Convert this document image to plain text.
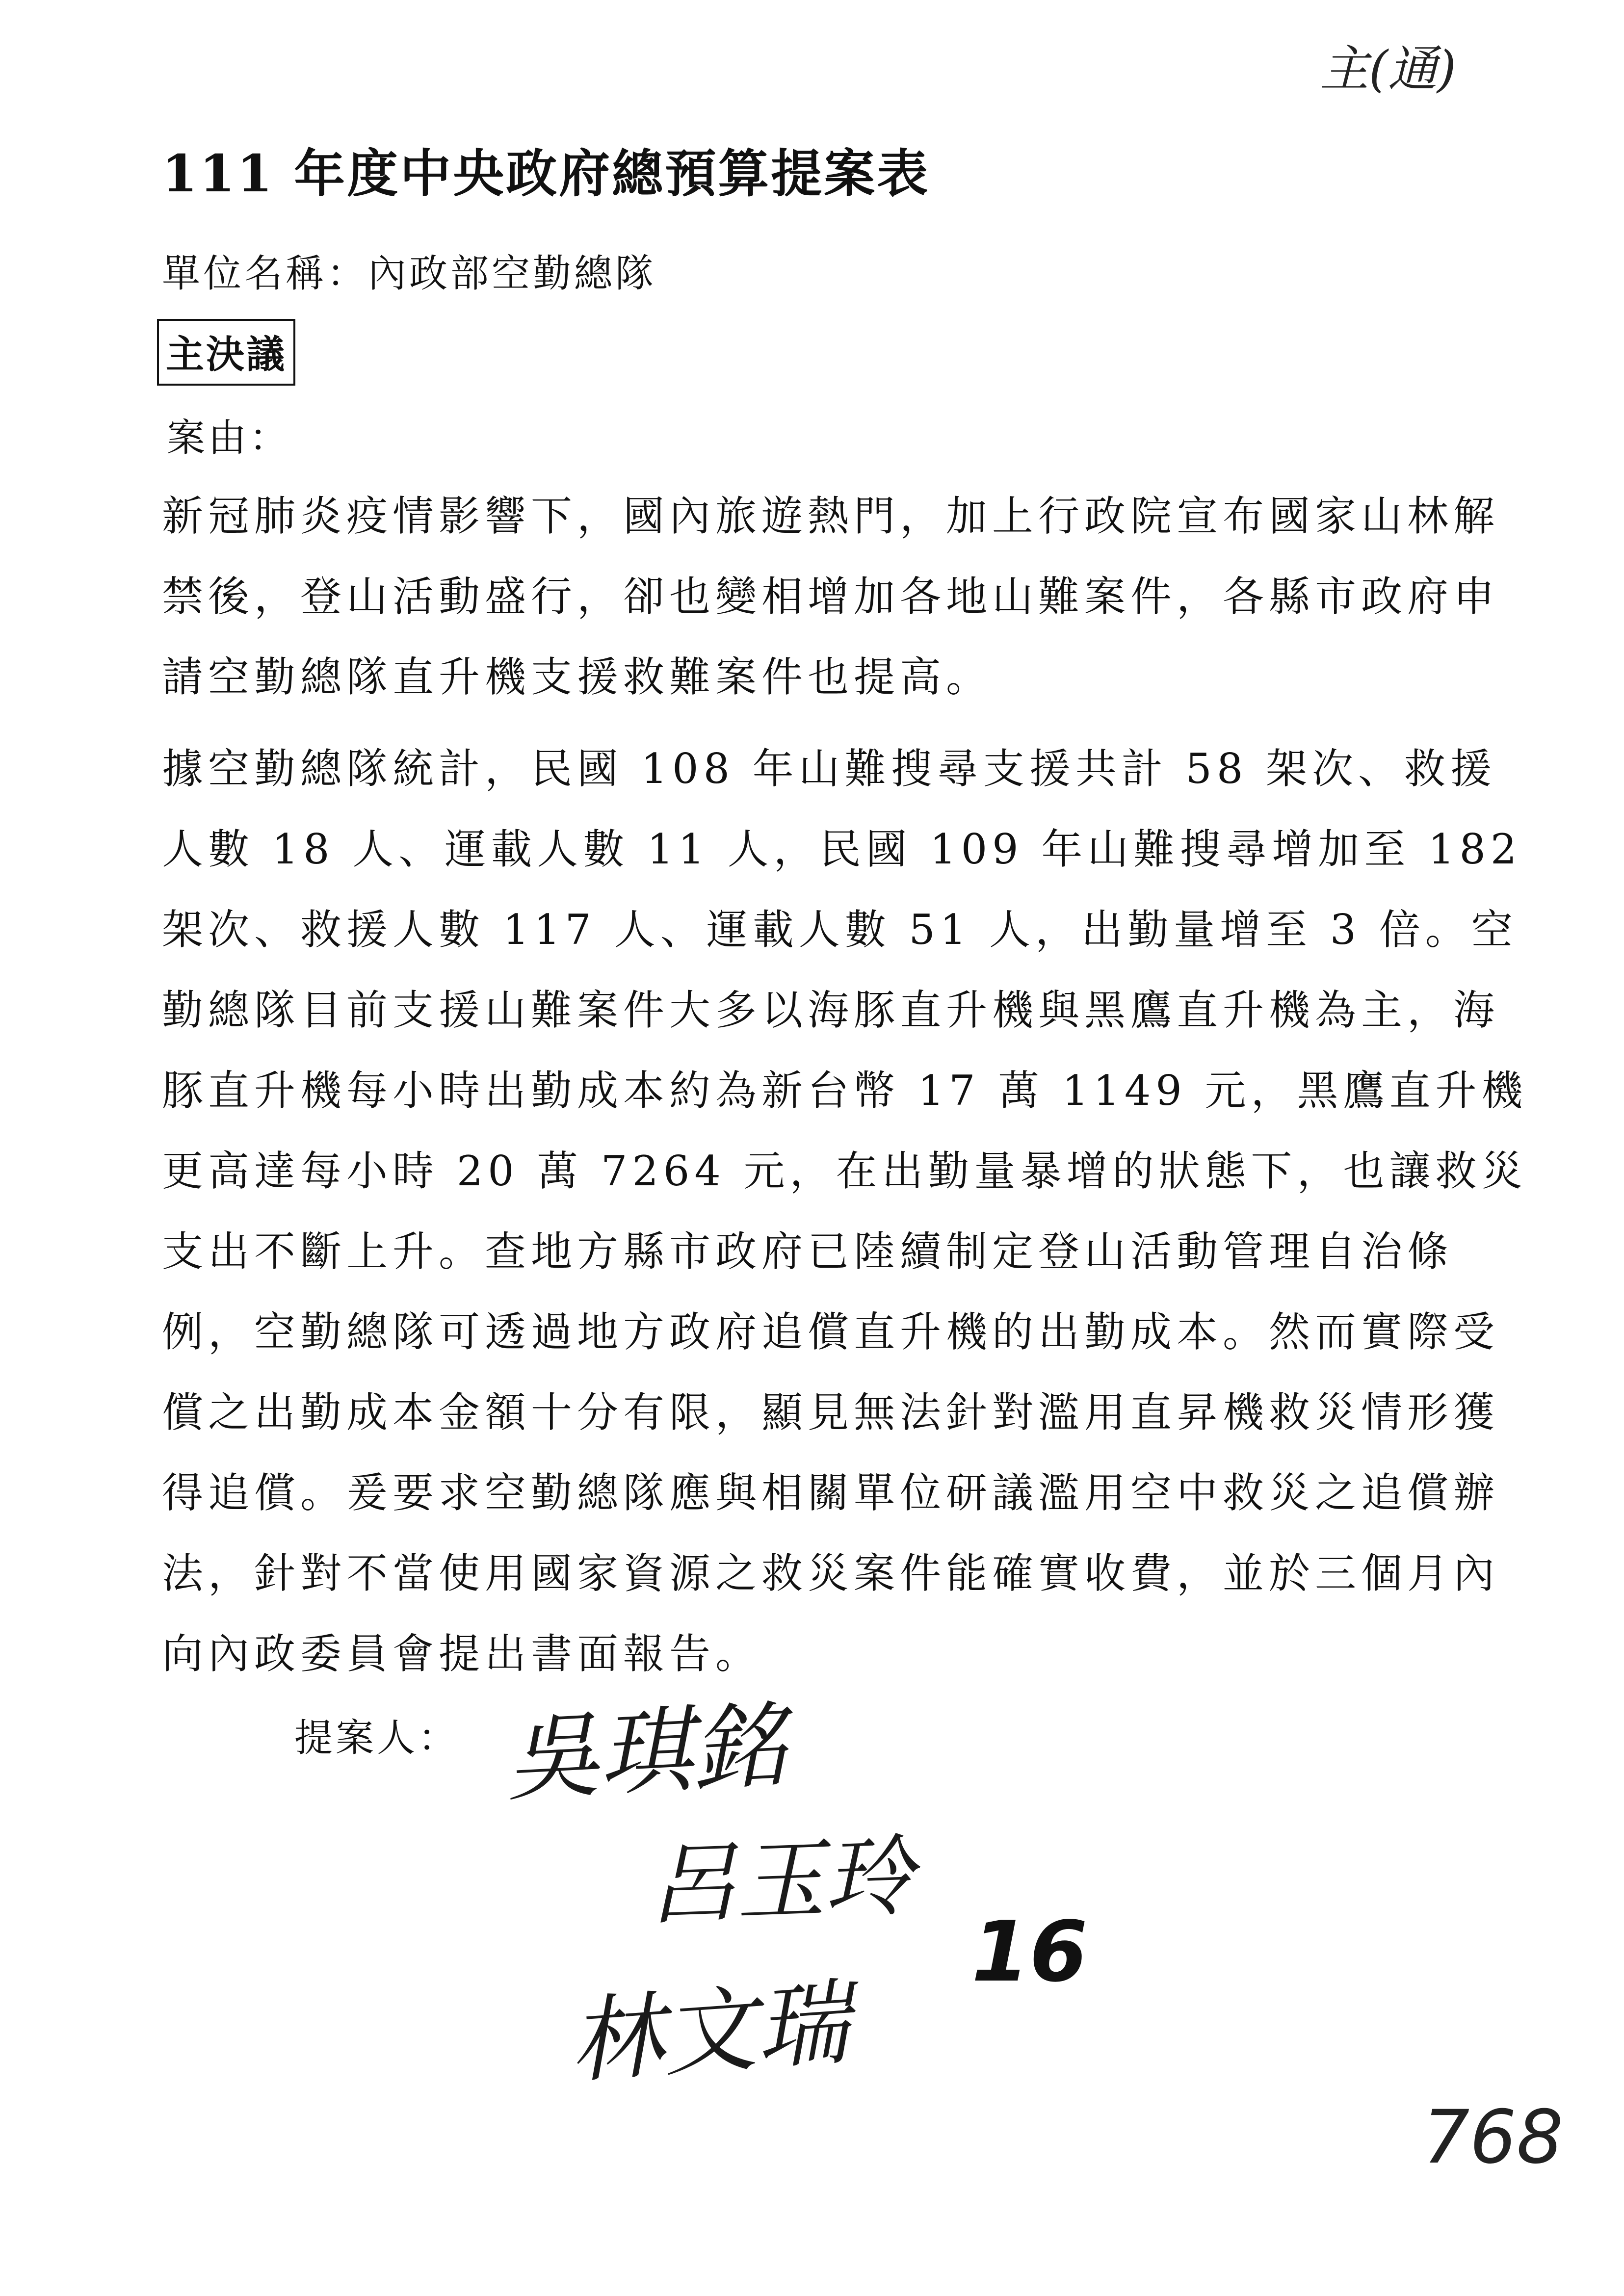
主(通)
111 年度中央政府總預算提案表
單位名稱：內政部空勤總隊
主決議
案由：
新冠肺炎疫情影響下，國內旅遊熱門，加上行政院宣布國家山林解禁後，登山活動盛行，卻也變相增加各地山難案件，各縣市政府申請空勤總隊直升機支援救難案件也提高。
據空勤總隊統計，民國 108 年山難搜尋支援共計 58 架次、救援人數 18 人、運載人數 11 人，民國 109 年山難搜尋增加至 182 架次、救援人數 117 人、運載人數 51 人，出勤量增至 3 倍。空勤總隊目前支援山難案件大多以海豚直升機與黑鷹直升機為主，海豚直升機每小時出勤成本約為新台幣 17 萬 1149 元，黑鷹直升機更高達每小時 20 萬 7264 元，在出勤量暴增的狀態下，也讓救災支出不斷上升。查地方縣市政府已陸續制定登山活動管理自治條例，空勤總隊可透過地方政府追償直升機的出勤成本。然而實際受償之出勤成本金額十分有限，顯見無法針對濫用直昇機救災情形獲得追償。爰要求空勤總隊應與相關單位研議濫用空中救災之追償辦法，針對不當使用國家資源之救災案件能確實收費，並於三個月內向內政委員會提出書面報告。
提案人： 吳琪銘
呂玉玲
林文瑞
16
768
